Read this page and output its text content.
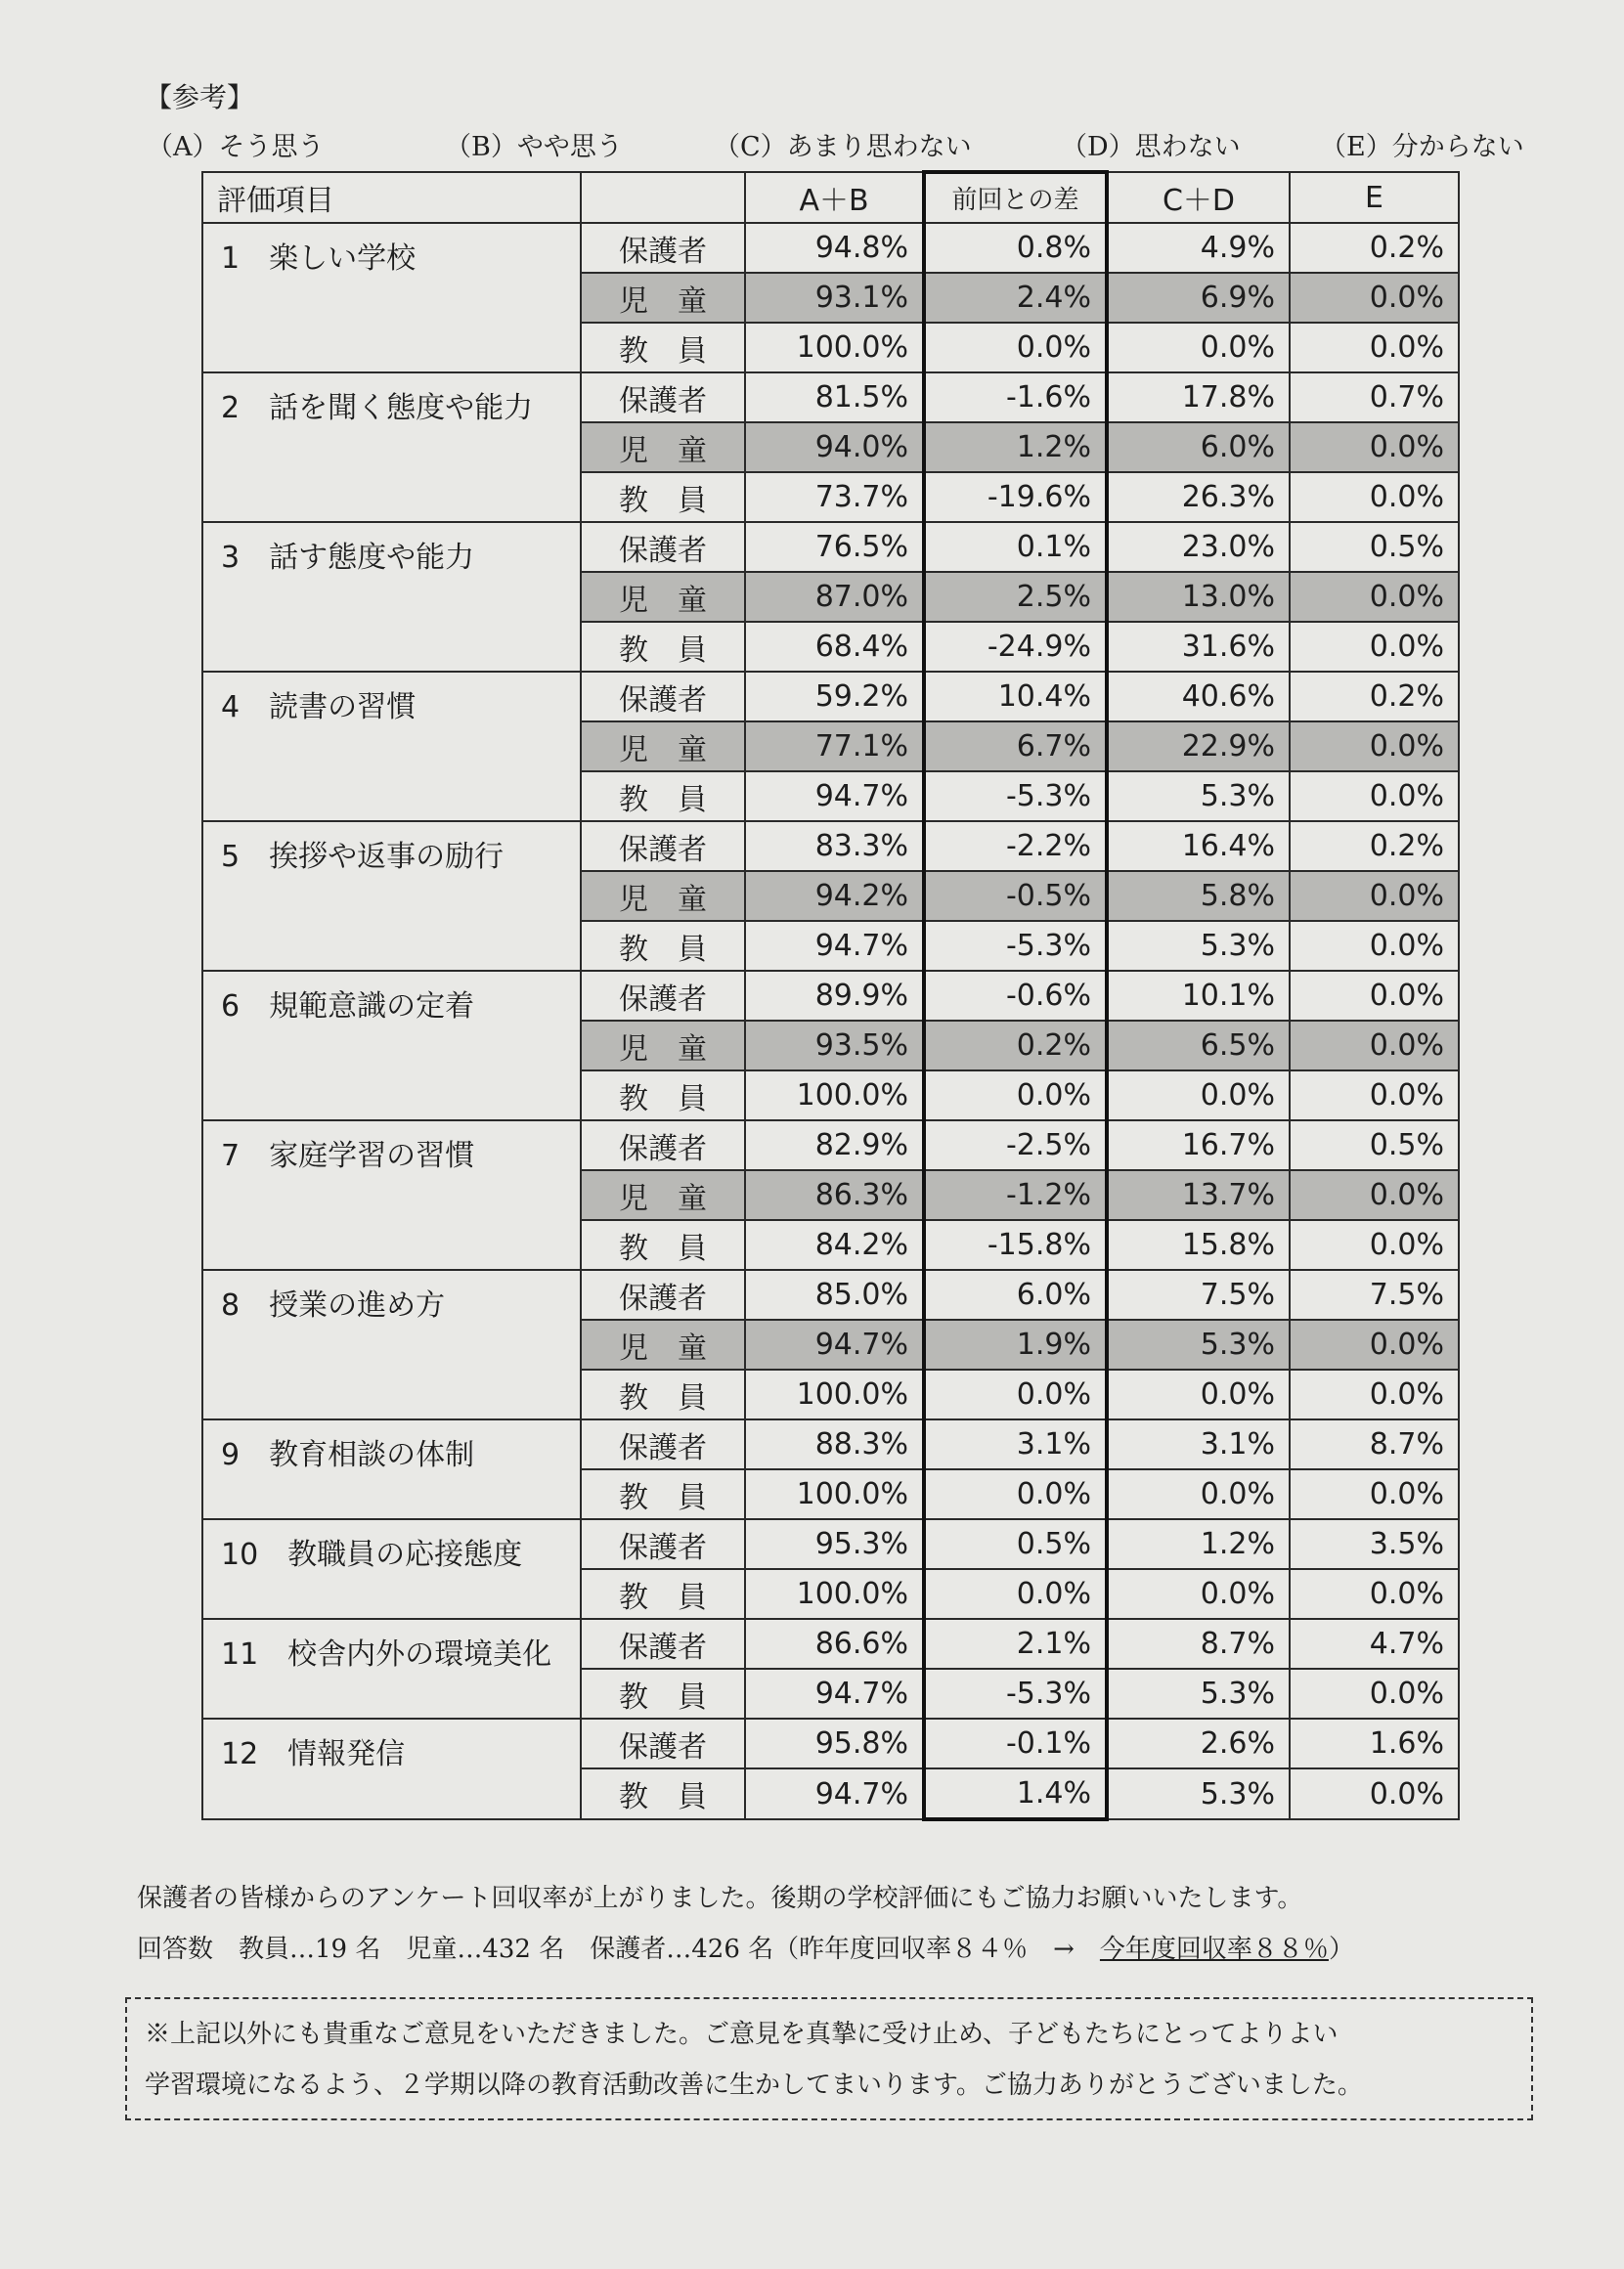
【参考】
（A）そう思う	（B）やや思う	（C）あまり思わない	（D）思わない	（E）分からない
評価項目		A＋B	前回との差	C＋D	E
1　楽しい学校	保護者	94.8%	0.8%	4.9%	0.2%
	児　童	93.1%	2.4%	6.9%	0.0%
	教　員	100.0%	0.0%	0.0%	0.0%
2　話を聞く態度や能力	保護者	81.5%	-1.6%	17.8%	0.7%
	児　童	94.0%	1.2%	6.0%	0.0%
	教　員	73.7%	-19.6%	26.3%	0.0%
3　話す態度や能力	保護者	76.5%	0.1%	23.0%	0.5%
	児　童	87.0%	2.5%	13.0%	0.0%
	教　員	68.4%	-24.9%	31.6%	0.0%
4　読書の習慣	保護者	59.2%	10.4%	40.6%	0.2%
	児　童	77.1%	6.7%	22.9%	0.0%
	教　員	94.7%	-5.3%	5.3%	0.0%
5　挨拶や返事の励行	保護者	83.3%	-2.2%	16.4%	0.2%
	児　童	94.2%	-0.5%	5.8%	0.0%
	教　員	94.7%	-5.3%	5.3%	0.0%
6　規範意識の定着	保護者	89.9%	-0.6%	10.1%	0.0%
	児　童	93.5%	0.2%	6.5%	0.0%
	教　員	100.0%	0.0%	0.0%	0.0%
7　家庭学習の習慣	保護者	82.9%	-2.5%	16.7%	0.5%
	児　童	86.3%	-1.2%	13.7%	0.0%
	教　員	84.2%	-15.8%	15.8%	0.0%
8　授業の進め方	保護者	85.0%	6.0%	7.5%	7.5%
	児　童	94.7%	1.9%	5.3%	0.0%
	教　員	100.0%	0.0%	0.0%	0.0%
9　教育相談の体制	保護者	88.3%	3.1%	3.1%	8.7%
	教　員	100.0%	0.0%	0.0%	0.0%
10　教職員の応接態度	保護者	95.3%	0.5%	1.2%	3.5%
	教　員	100.0%	0.0%	0.0%	0.0%
11　校舎内外の環境美化	保護者	86.6%	2.1%	8.7%	4.7%
	教　員	94.7%	-5.3%	5.3%	0.0%
12　情報発信	保護者	95.8%	-0.1%	2.6%	1.6%
	教　員	94.7%	1.4%	5.3%	0.0%
保護者の皆様からのアンケート回収率が上がりました。後期の学校評価にもご協力お願いいたします。
回答数　教員…19 名　児童…432 名　保護者…426 名（昨年度回収率８４％　→　今年度回収率８８％）
※上記以外にも貴重なご意見をいただきました。ご意見を真摯に受け止め、子どもたちにとってよりよい
学習環境になるよう、２学期以降の教育活動改善に生かしてまいります。ご協力ありがとうございました。
